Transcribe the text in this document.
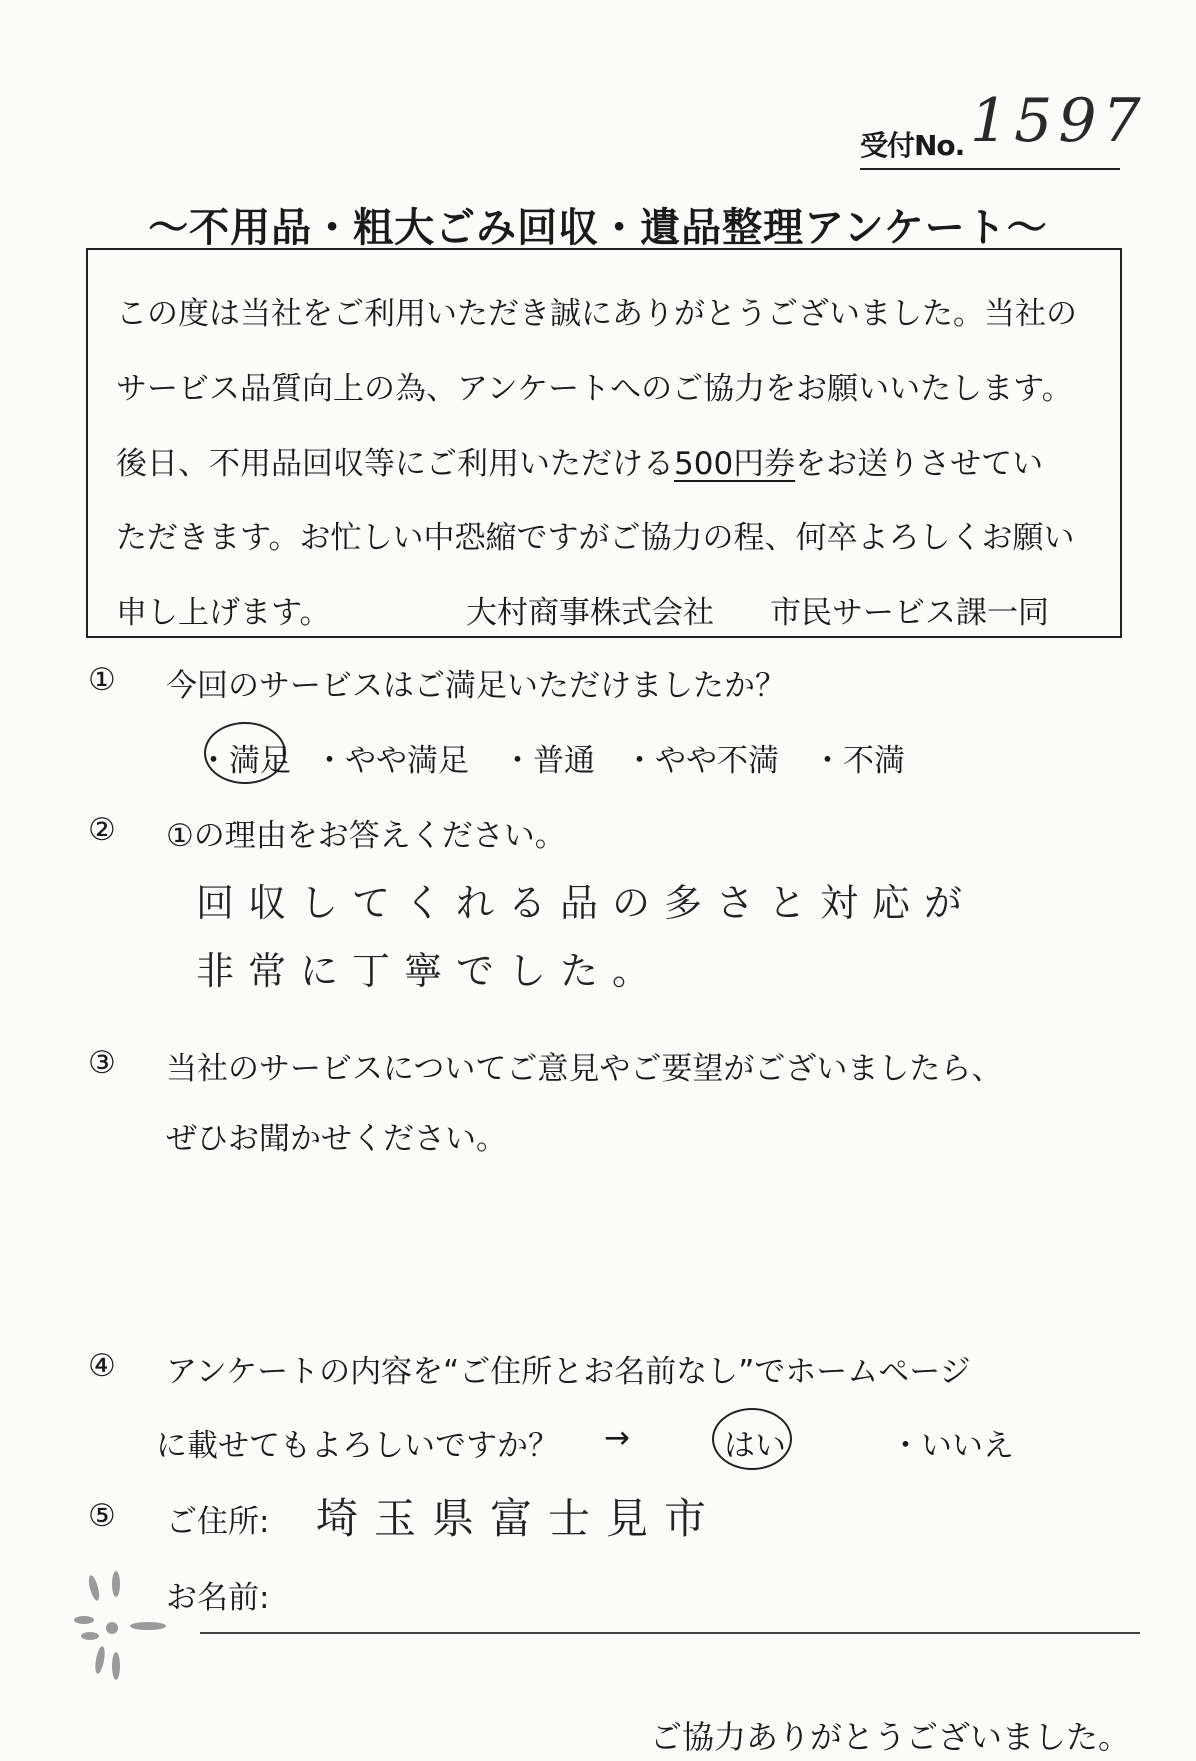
受付No. 1597
～不用品・粗大ごみ回収・遺品整理アンケート～
この度は当社をご利用いただき誠にありがとうございました。当社の
サービス品質向上の為、アンケートへのご協力をお願いいたします。
後日、不用品回収等にご利用いただける500円券をお送りさせてい
ただきます。お忙しい中恐縮ですがご協力の程、何卒よろしくお願い
申し上げます。	大村商事株式会社 市民サービス課一同
① 今回のサービスはご満足いただけましたか？
・満足 ・やや満足 ・普通 ・やや不満 ・不満
② ①の理由をお答えください。
回収してくれる品の多さと対応が
非常に丁寧でした。
③ 当社のサービスについてご意見やご要望がございましたら、
ぜひお聞かせください。
④ アンケートの内容を“ご住所とお名前なし”でホームページ
に載せてもよろしいですか？ →	はい	・いいえ
⑤ ご住所: 埼玉県富士見市
お名前:
ご協力ありがとうございました。
